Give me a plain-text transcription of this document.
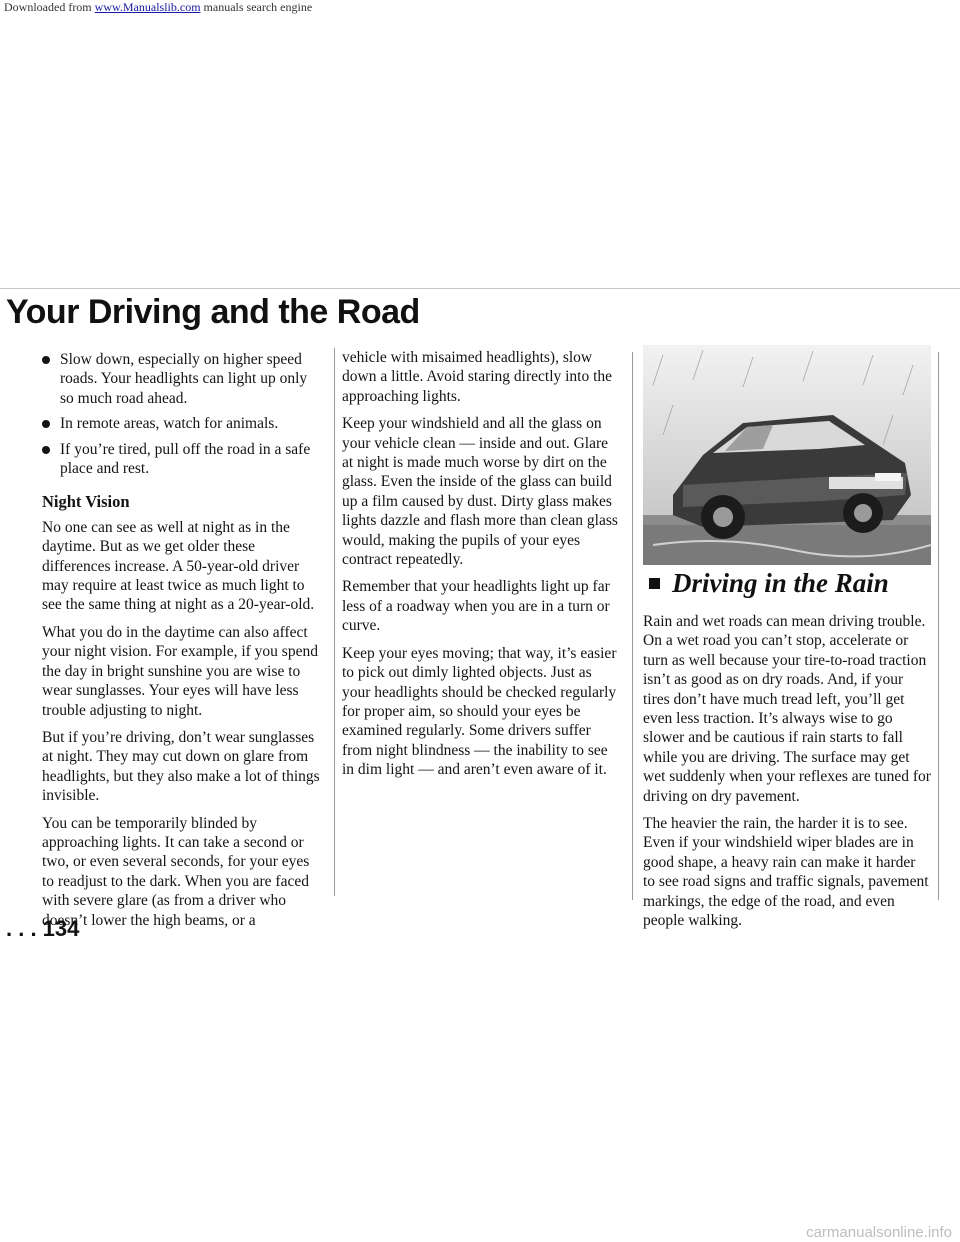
Downloaded from www.Manualslib.com manuals search engine
Your Driving and the Road
Slow down, especially on higher speed roads. Your headlights can light up only so much road ahead.
In remote areas, watch for animals.
If you’re tired, pull off the road in a safe place and rest.
Night Vision

No one can see as well at night as in the daytime. But as we get older these differences increase. A 50-year-old driver may require at least twice as much light to see the same thing at night as a 20-year-old.

What you do in the daytime can also affect your night vision. For example, if you spend the day in bright sunshine you are wise to wear sunglasses. Your eyes will have less trouble adjusting to night.

But if you’re driving, don’t wear sunglasses at night. They may cut down on glare from headlights, but they also make a lot of things invisible.

You can be temporarily blinded by approaching lights. It can take a second or two, or even several seconds, for your eyes to readjust to the dark. When you are faced with severe glare (as from a driver who doesn’t lower the high beams, or a

vehicle with misaimed headlights), slow down a little. Avoid staring directly into the approaching lights.

Keep your windshield and all the glass on your vehicle clean — inside and out. Glare at night is made much worse by dirt on the glass. Even the inside of the glass can build up a film caused by dust. Dirty glass makes lights dazzle and flash more than clean glass would, making the pupils of your eyes contract repeatedly.

Remember that your headlights light up far less of a roadway when you are in a turn or curve.

Keep your eyes moving; that way, it’s easier to pick out dimly lighted objects. Just as your headlights should be checked regularly for proper aim, so should your eyes be examined regularly. Some drivers suffer from night blindness — the inability to see in dim light — and aren’t even aware of it.

Driving in the Rain

Rain and wet roads can mean driving trouble. On a wet road you can’t stop, accelerate or turn as well because your tire-to-road traction isn’t as good as on dry roads. And, if your tires don’t have much tread left, you’ll get even less traction. It’s always wise to go slower and be cautious if rain starts to fall while you are driving. The surface may get wet suddenly when your reflexes are tuned for driving on dry pavement.

The heavier the rain, the harder it is to see. Even if your windshield wiper blades are in good shape, a heavy rain can make it harder to see road signs and traffic signals, pavement markings, the edge of the road, and even people walking.

. . . 134
carmanualsonline.info
